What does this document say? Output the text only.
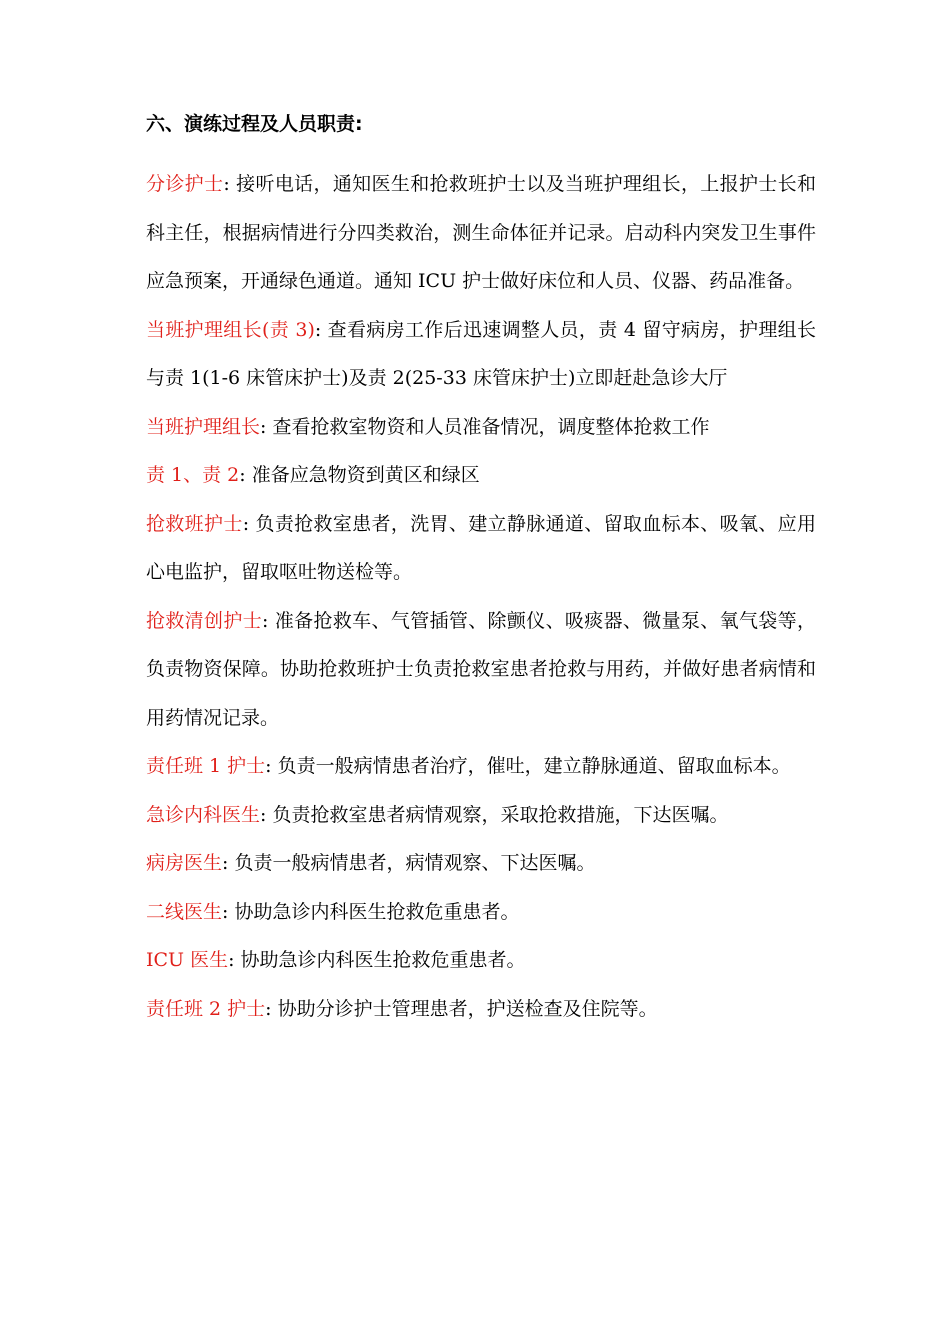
六、演练过程及人员职责:

分诊护士: 接听电话，通知医生和抢救班护士以及当班护理组长，上报护士长和科主任，根据病情进行分四类救治，测生命体征并记录。启动科内突发卫生事件应急预案，开通绿色通道。通知 ICU 护士做好床位和人员、仪器、药品准备。

当班护理组长(责 3): 查看病房工作后迅速调整人员，责 4 留守病房，护理组长与责 1(1-6 床管床护士)及责 2(25-33 床管床护士)立即赶赴急诊大厅

当班护理组长: 查看抢救室物资和人员准备情况，调度整体抢救工作

责 1、责 2: 准备应急物资到黄区和绿区

抢救班护士: 负责抢救室患者，洗胃、建立静脉通道、留取血标本、吸氧、应用心电监护，留取呕吐物送检等。

抢救清创护士: 准备抢救车、气管插管、除颤仪、吸痰器、微量泵、氧气袋等，负责物资保障。协助抢救班护士负责抢救室患者抢救与用药，并做好患者病情和用药情况记录。

责任班 1 护士: 负责一般病情患者治疗，催吐，建立静脉通道、留取血标本。

急诊内科医生: 负责抢救室患者病情观察，采取抢救措施，下达医嘱。

病房医生: 负责一般病情患者，病情观察、下达医嘱。

二线医生: 协助急诊内科医生抢救危重患者。

ICU 医生: 协助急诊内科医生抢救危重患者。

责任班 2 护士: 协助分诊护士管理患者，护送检查及住院等。
